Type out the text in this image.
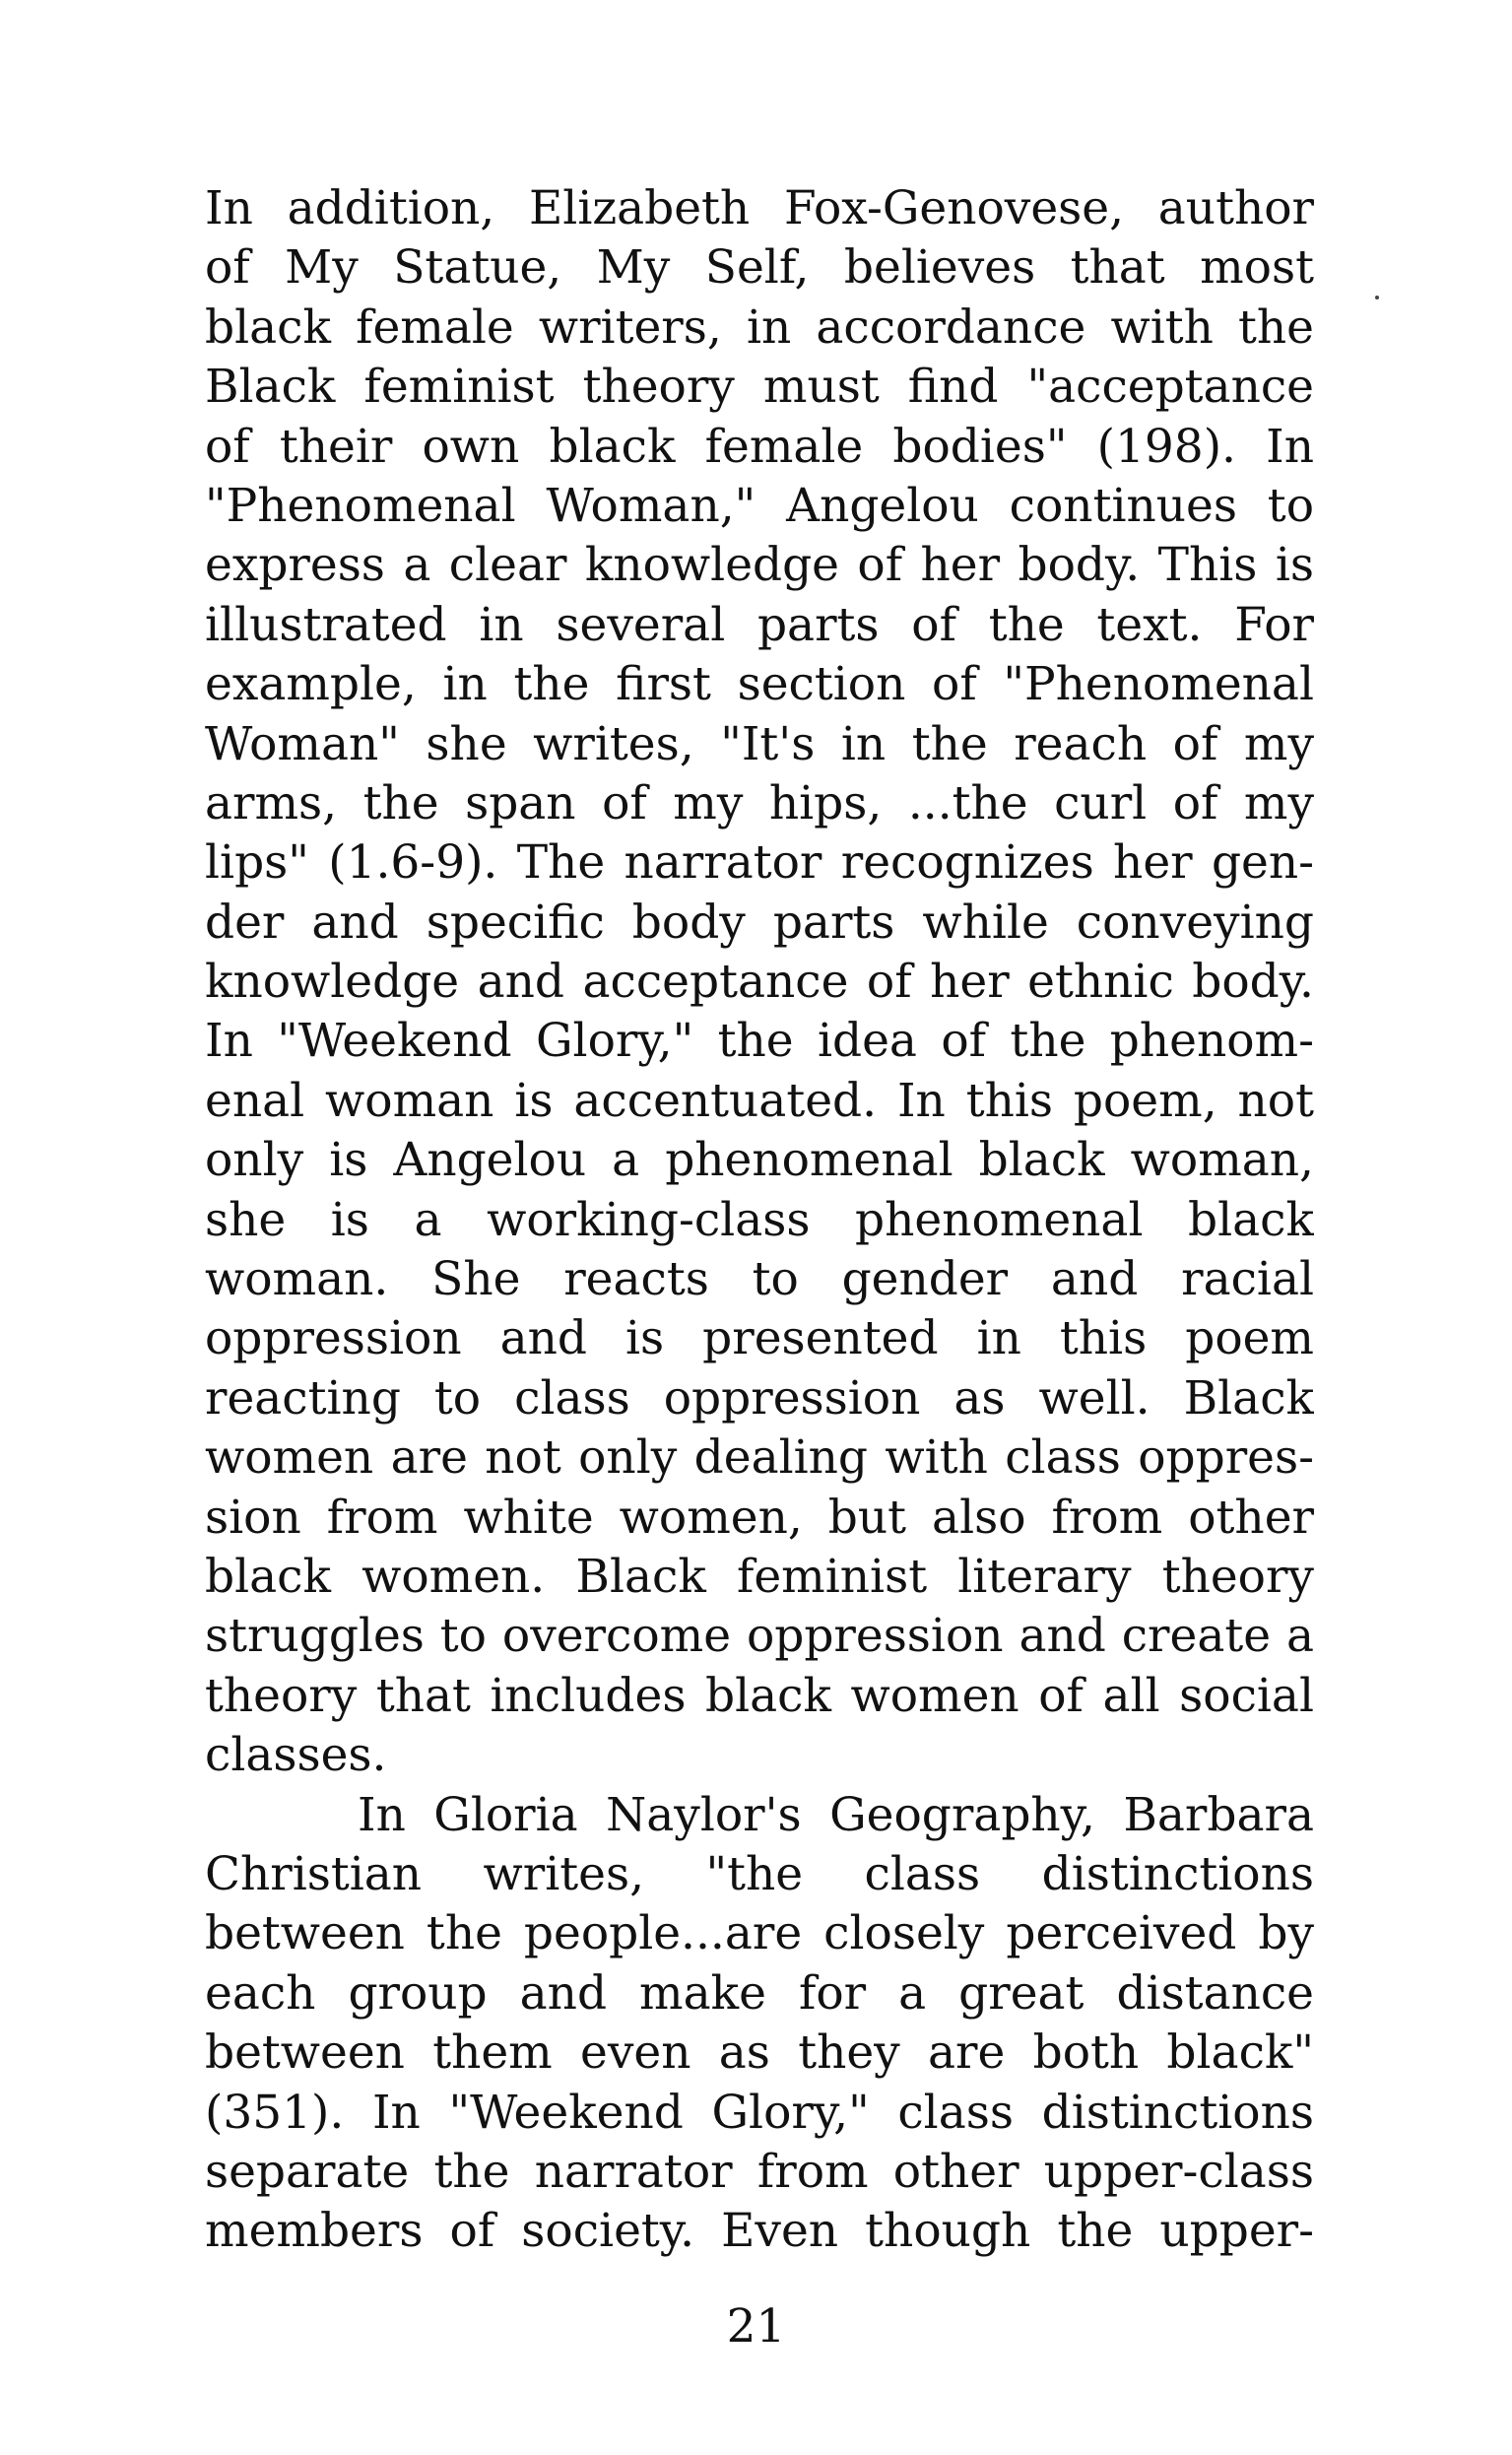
In addition, Elizabeth Fox-Genovese, author
of My Statue, My Self, believes that most
black female writers, in accordance with the
Black feminist theory must find "acceptance
of their own black female bodies" (198). In
"Phenomenal Woman," Angelou continues to
express a clear knowledge of her body. This is
illustrated in several parts of the text. For
example, in the first section of "Phenomenal
Woman" she writes, "It's in the reach of my
arms, the span of my hips, ...the curl of my
lips" (1.6-9). The narrator recognizes her gen-
der and specific body parts while conveying
knowledge and acceptance of her ethnic body.
In "Weekend Glory," the idea of the phenom-
enal woman is accentuated. In this poem, not
only is Angelou a phenomenal black woman,
she is a working-class phenomenal black
woman. She reacts to gender and racial
oppression and is presented in this poem
reacting to class oppression as well. Black
women are not only dealing with class oppres-
sion from white women, but also from other
black women. Black feminist literary theory
struggles to overcome oppression and create a
theory that includes black women of all social
classes.
In Gloria Naylor's Geography, Barbara
Christian writes, "the class distinctions
between the people...are closely perceived by
each group and make for a great distance
between them even as they are both black"
(351). In "Weekend Glory," class distinctions
separate the narrator from other upper-class
members of society. Even though the upper-
21
